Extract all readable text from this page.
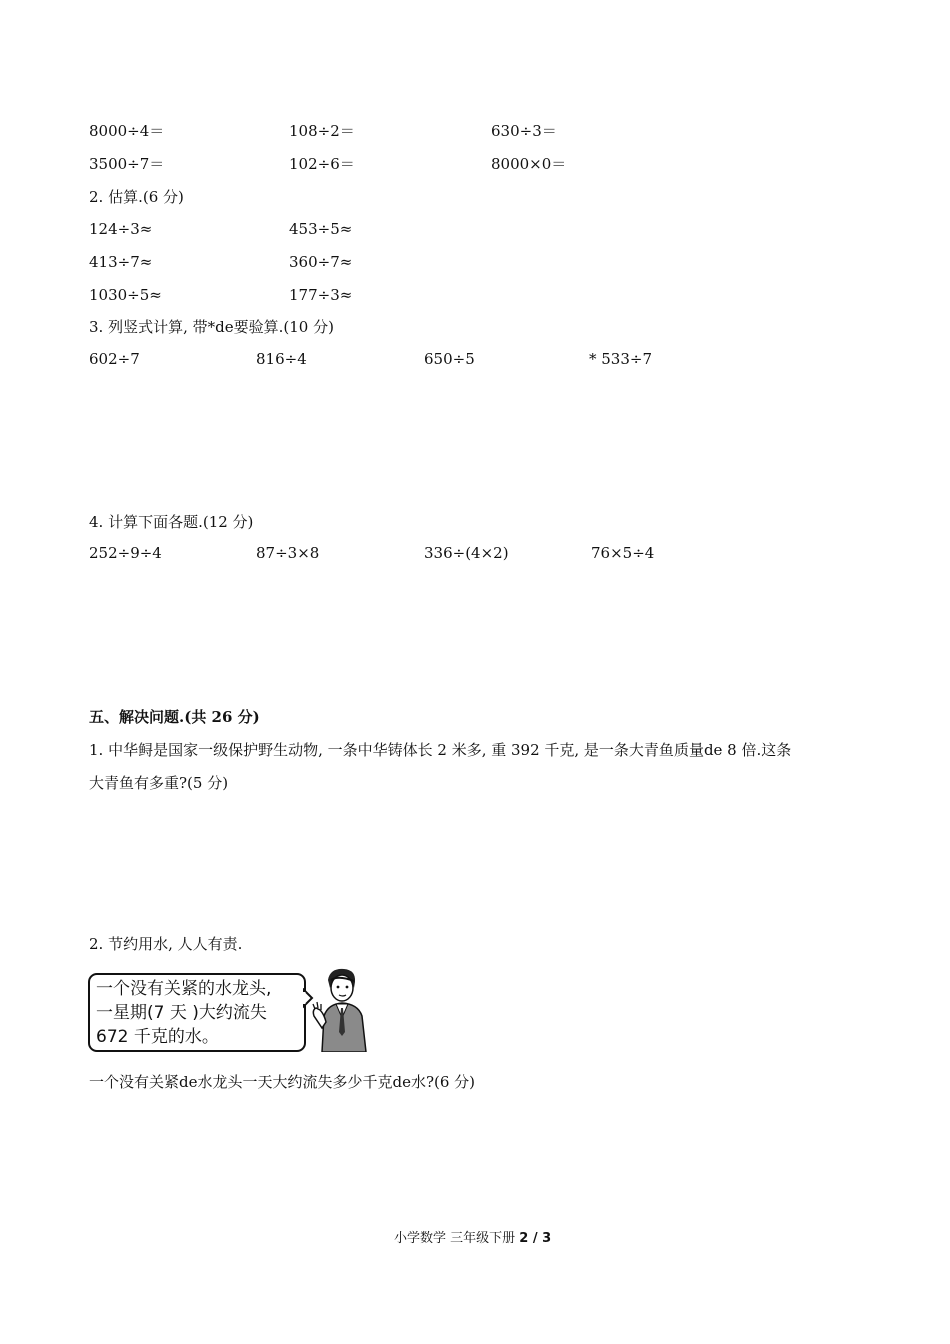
8000÷4＝	108÷2＝	630÷3＝
3500÷7＝	102÷6＝	8000×0＝
2. 估算.(6 分)
124÷3≈	453÷5≈
413÷7≈	360÷7≈
1030÷5≈	177÷3≈
3. 列竖式计算, 带*de要验算.(10 分)
602÷7	816÷4	650÷5	* 533÷7
4. 计算下面各题.(12 分)
252÷9÷4	87÷3×8	336÷(4×2)	76×5÷4
五、解决问题.(共 26 分)
1. 中华鲟是国家一级保护野生动物, 一条中华铸体长 2 米多, 重 392 千克, 是一条大青鱼质量de 8 倍.这条
大青鱼有多重?(5 分)
2. 节约用水, 人人有责.
一个没有关紧的水龙头,
一星期(7 天 )大约流失
672 千克的水。
一个没有关紧de水龙头一天大约流失多少千克de水?(6 分)
小学数学 三年级下册 2 / 3
